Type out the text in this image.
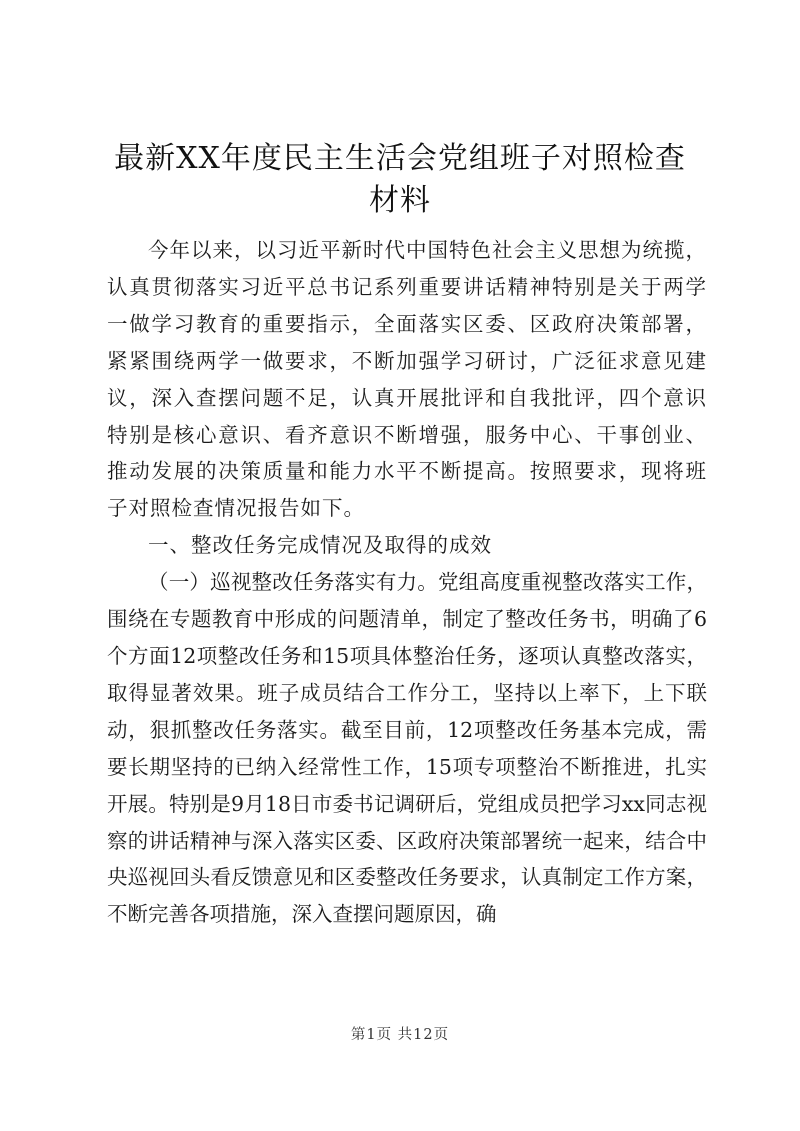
最新XX年度民主生活会党组班子对照检查材料

今年以来，以习近平新时代中国特色社会主义思想为统揽，认真贯彻落实习近平总书记系列重要讲话精神特别是关于两学一做学习教育的重要指示，全面落实区委、区政府决策部署，紧紧围绕两学一做要求，不断加强学习研讨，广泛征求意见建议，深入查摆问题不足，认真开展批评和自我批评，四个意识特别是核心意识、看齐意识不断增强，服务中心、干事创业、推动发展的决策质量和能力水平不断提高。按照要求，现将班子对照检查情况报告如下。

一、整改任务完成情况及取得的成效

（一）巡视整改任务落实有力。党组高度重视整改落实工作，围绕在专题教育中形成的问题清单，制定了整改任务书，明确了6个方面12项整改任务和15项具体整治任务，逐项认真整改落实，取得显著效果。班子成员结合工作分工，坚持以上率下，上下联动，狠抓整改任务落实。截至目前，12项整改任务基本完成，需要长期坚持的已纳入经常性工作，15项专项整治不断推进，扎实开展。特别是9月18日市委书记调研后，党组成员把学习xx同志视察的讲话精神与深入落实区委、区政府决策部署统一起来，结合中央巡视回头看反馈意见和区委整改任务要求，认真制定工作方案，不断完善各项措施，深入查摆问题原因，确

第1页 共12页
